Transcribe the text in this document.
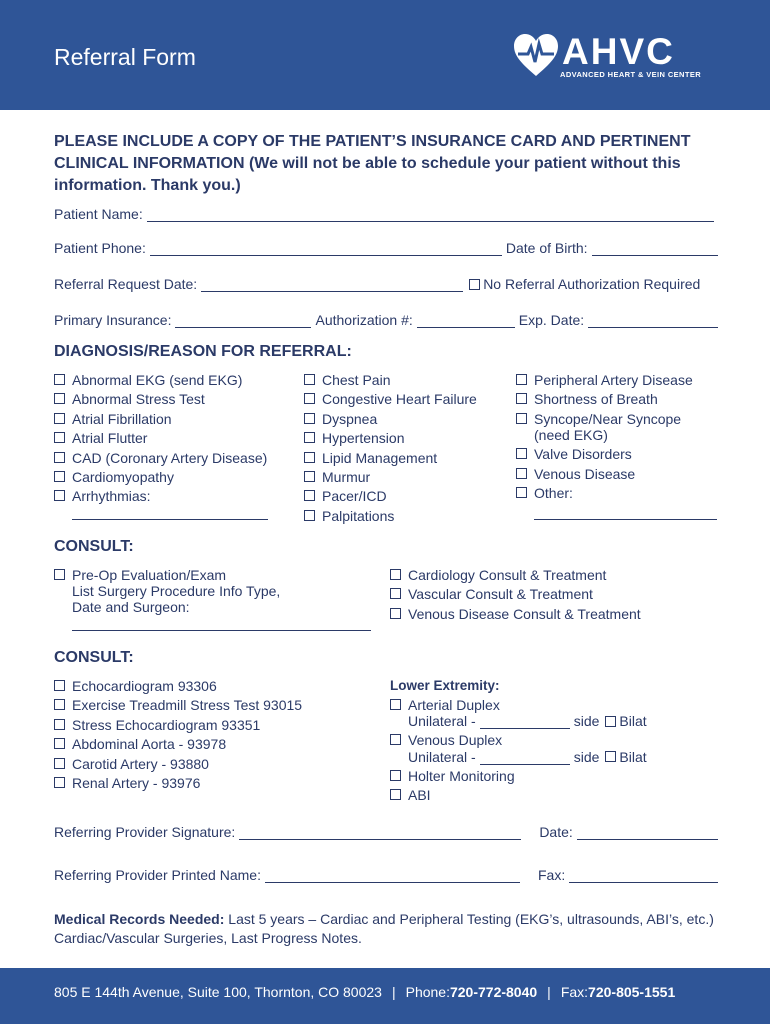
Referral Form	AHVC
ADVANCED HEART & VEIN CENTER
PLEASE INCLUDE A COPY OF THE PATIENT’S INSURANCE CARD AND PERTINENT CLINICAL INFORMATION (We will not be able to schedule your patient without this information. Thank you.)
Patient Name:
Patient Phone:	Date of Birth:
Referral Request Date:	No Referral Authorization Required
Primary Insurance:	Authorization #:	Exp. Date:
DIAGNOSIS/REASON FOR REFERRAL:
Abnormal EKG (send EKG)
Abnormal Stress Test
Atrial Fibrillation
Atrial Flutter
CAD (Coronary Artery Disease)
Cardiomyopathy
Arrhythmias:
Chest Pain
Congestive Heart Failure
Dyspnea
Hypertension
Lipid Management
Murmur
Pacer/ICD
Palpitations
Peripheral Artery Disease
Shortness of Breath
Syncope/Near Syncope
(need EKG)
Valve Disorders
Venous Disease
Other:
CONSULT:
Pre-Op Evaluation/Exam
List Surgery Procedure Info Type,
Date and Surgeon:
Cardiology Consult & Treatment
Vascular Consult & Treatment
Venous Disease Consult & Treatment
CONSULT:
Echocardiogram 93306
Exercise Treadmill Stress Test 93015
Stress Echocardiogram 93351
Abdominal Aorta - 93978
Carotid Artery - 93880
Renal Artery - 93976
Lower Extremity:
Arterial Duplex
Unilateral -	side Bilat
Venous Duplex
Unilateral -	side Bilat
Holter Monitoring
ABI
Referring Provider Signature:	Date:
Referring Provider Printed Name:	Fax:
Medical Records Needed: Last 5 years – Cardiac and Peripheral Testing (EKG’s, ultrasounds, ABI’s, etc.) Cardiac/Vascular Surgeries, Last Progress Notes.
805 E 144th Avenue, Suite 100, Thornton, CO 80023 | Phone: 720-772-8040 | Fax: 720-805-1551
